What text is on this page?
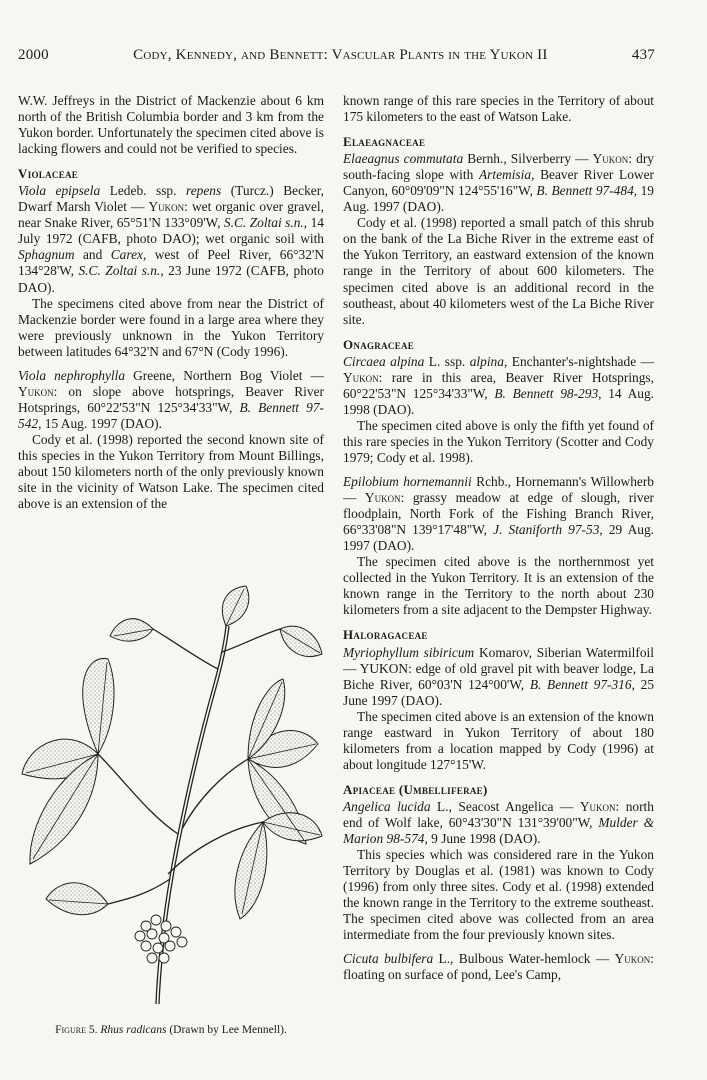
2000	Cody, Kennedy, and Bennett: Vascular Plants in the Yukon II	437

W.W. Jeffreys in the District of Mackenzie about 6 km north of the British Columbia border and 3 km from the Yukon border. Unfortunately the specimen cited above is lacking flowers and could not be verified to species.

Violaceae

Viola epipsela Ledeb. ssp. repens (Turcz.) Becker, Dwarf Marsh Violet — Yukon: wet organic over gravel, near Snake River, 65°51'N 133°09'W, S.C. Zoltai s.n., 14 July 1972 (CAFB, photo DAO); wet organic soil with Sphagnum and Carex, west of Peel River, 66°32'N 134°28'W, S.C. Zoltai s.n., 23 June 1972 (CAFB, photo DAO).

The specimens cited above from near the District of Mackenzie border were found in a large area where they were previously unknown in the Yukon Territory between latitudes 64°32'N and 67°N (Cody 1996).

Viola nephrophylla Greene, Northern Bog Violet — Yukon: on slope above hotsprings, Beaver River Hotsprings, 60°22'53"N 125°34'33"W, B. Bennett 97-542, 15 Aug. 1997 (DAO).

Cody et al. (1998) reported the second known site of this species in the Yukon Territory from Mount Billings, about 150 kilometers north of the only previously known site in the vicinity of Watson Lake. The specimen cited above is an extension of the

Figure 5. Rhus radicans (Drawn by Lee Mennell).

known range of this rare species in the Territory of about 175 kilometers to the east of Watson Lake.

Elaeagnaceae

Elaeagnus commutata Bernh., Silverberry — Yukon: dry south-facing slope with Artemisia, Beaver River Lower Canyon, 60°09'09"N 124°55'16"W, B. Bennett 97-484, 19 Aug. 1997 (DAO).

Cody et al. (1998) reported a small patch of this shrub on the bank of the La Biche River in the extreme east of the Yukon Territory, an eastward extension of the known range in the Territory of about 600 kilometers. The specimen cited above is an additional record in the southeast, about 40 kilometers west of the La Biche River site.

Onagraceae

Circaea alpina L. ssp. alpina, Enchanter's-nightshade — Yukon: rare in this area, Beaver River Hotsprings, 60°22'53"N 125°34'33"W, B. Bennett 98-293, 14 Aug. 1998 (DAO).

The specimen cited above is only the fifth yet found of this rare species in the Yukon Territory (Scotter and Cody 1979; Cody et al. 1998).

Epilobium hornemannii Rchb., Hornemann's Willowherb — Yukon: grassy meadow at edge of slough, river floodplain, North Fork of the Fishing Branch River, 66°33'08"N 139°17'48"W, J. Staniforth 97-53, 29 Aug. 1997 (DAO).

The specimen cited above is the northernmost yet collected in the Yukon Territory. It is an extension of the known range in the Territory to the north about 230 kilometers from a site adjacent to the Dempster Highway.

Haloragaceae

Myriophyllum sibiricum Komarov, Siberian Watermilfoil — YUKON: edge of old gravel pit with beaver lodge, La Biche River, 60°03'N 124°00'W, B. Bennett 97-316, 25 June 1997 (DAO).

The specimen cited above is an extension of the known range eastward in Yukon Territory of about 180 kilometers from a location mapped by Cody (1996) at about longitude 127°15'W.

Apiaceae (Umbelliferae)

Angelica lucida L., Seacost Angelica — Yukon: north end of Wolf lake, 60°43'30"N 131°39'00"W, Mulder & Marion 98-574, 9 June 1998 (DAO).

This species which was considered rare in the Yukon Territory by Douglas et al. (1981) was known to Cody (1996) from only three sites. Cody et al. (1998) extended the known range in the Territory to the extreme southeast. The specimen cited above was collected from an area intermediate from the four previously known sites.

Cicuta bulbifera L., Bulbous Water-hemlock — Yukon: floating on surface of pond, Lee's Camp,
